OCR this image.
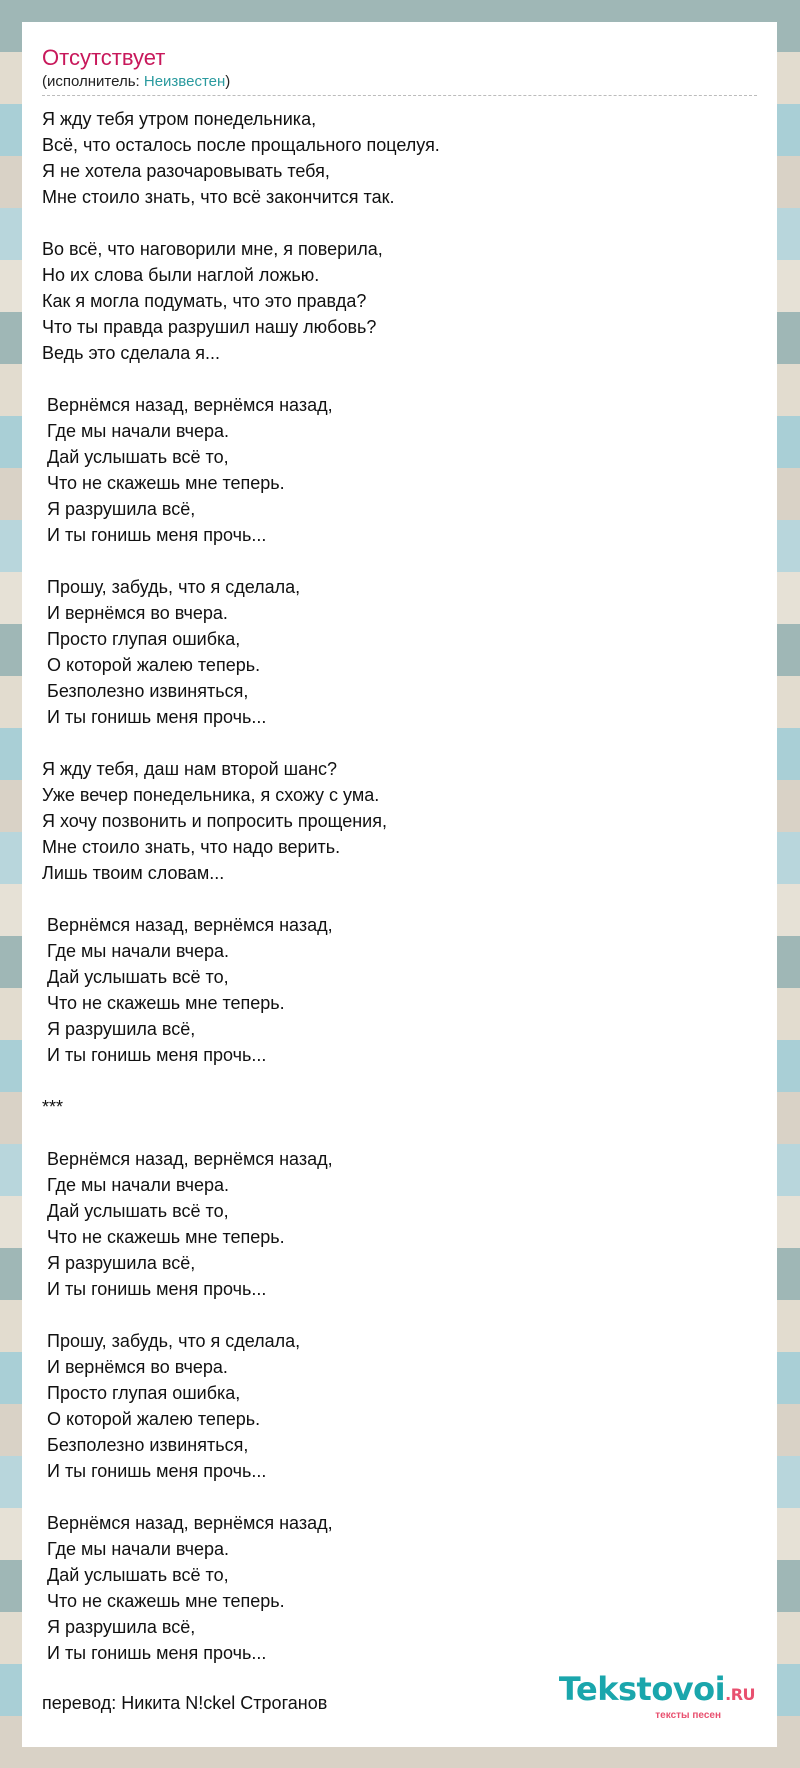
Отсутствует
(исполнитель: Неизвестен)
Я жду тебя утром понедельника,
Всё, что осталось после прощального поцелуя.
Я не хотела разочаровывать тебя,
Мне стоило знать, что всё закончится так.

Во всё, что наговорили мне, я поверила,
Но их слова были наглой ложью.
Как я могла подумать, что это правда?
Что ты правда разрушил нашу любовь?
Ведь это сделала я...

Вернёмся назад, вернёмся назад,
Где мы начали вчера.
Дай услышать всё то,
Что не скажешь мне теперь.
Я разрушила всё,
И ты гонишь меня прочь...

Прошу, забудь, что я сделала,
И вернёмся во вчера.
Просто глупая ошибка,
О которой жалею теперь.
Безполезно извиняться,
И ты гонишь меня прочь...

Я жду тебя, даш нам второй шанс?
Уже вечер понедельника, я схожу с ума.
Я хочу позвонить и попросить прощения,
Мне стоило знать, что надо верить.
Лишь твоим словам...

Вернёмся назад, вернёмся назад,
Где мы начали вчера.
Дай услышать всё то,
Что не скажешь мне теперь.
Я разрушила всё,
И ты гонишь меня прочь...

***

Вернёмся назад, вернёмся назад,
Где мы начали вчера.
Дай услышать всё то,
Что не скажешь мне теперь.
Я разрушила всё,
И ты гонишь меня прочь...

Прошу, забудь, что я сделала,
И вернёмся во вчера.
Просто глупая ошибка,
О которой жалею теперь.
Безполезно извиняться,
И ты гонишь меня прочь...

Вернёмся назад, вернёмся назад,
Где мы начали вчера.
Дай услышать всё то,
Что не скажешь мне теперь.
Я разрушила всё,
И ты гонишь меня прочь...
перевод: Никита N!ckel Строганов	Tekstovoi.RU
тексты песен
